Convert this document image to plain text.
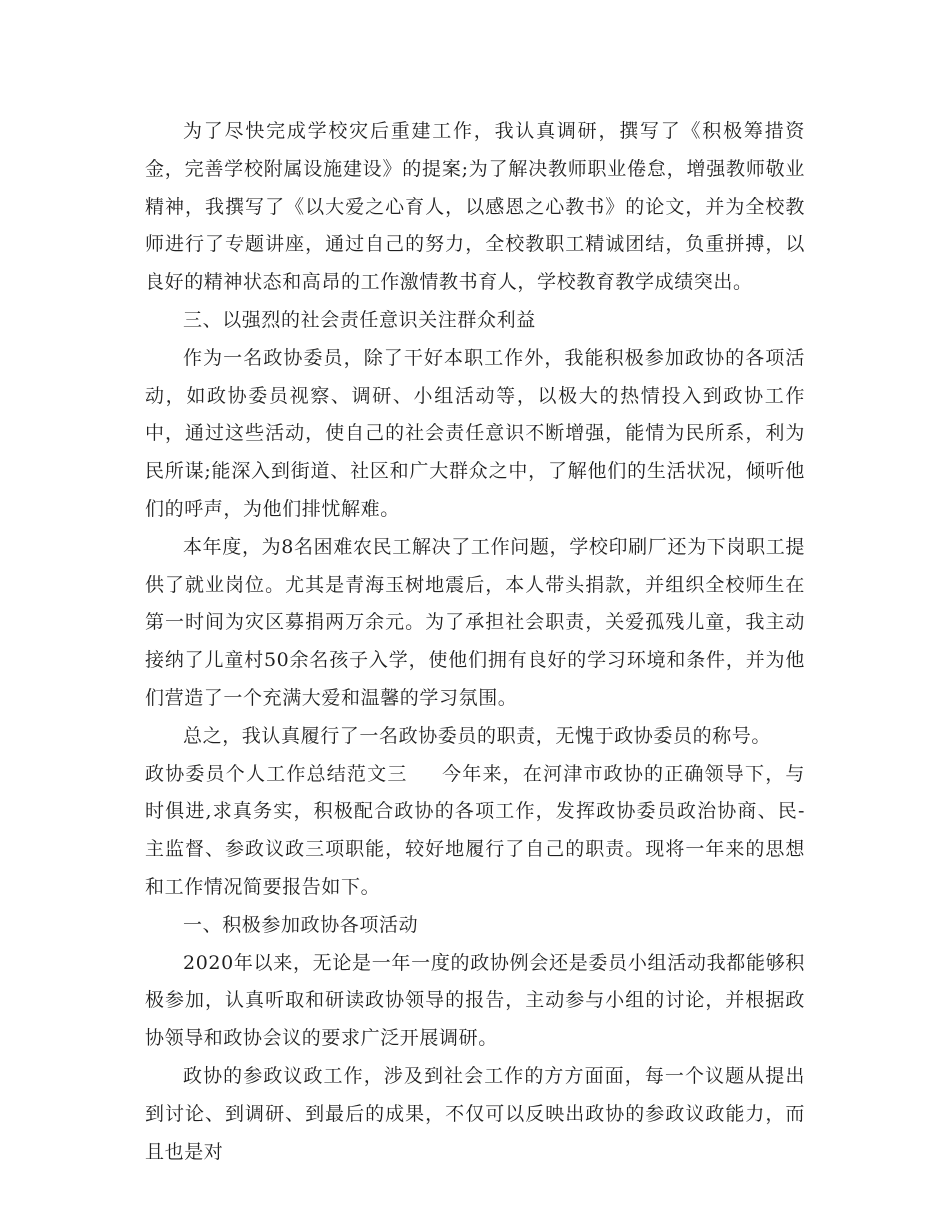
为了尽快完成学校灾后重建工作，我认真调研，撰写了《积极筹措资金，完善学校附属设施建设》的提案;为了解决教师职业倦怠，增强教师敬业精神，我撰写了《以大爱之心育人，以感恩之心教书》的论文，并为全校教师进行了专题讲座，通过自己的努力，全校教职工精诚团结，负重拼搏，以良好的精神状态和高昂的工作激情教书育人，学校教育教学成绩突出。

三、以强烈的社会责任意识关注群众利益

作为一名政协委员，除了干好本职工作外，我能积极参加政协的各项活动，如政协委员视察、调研、小组活动等，以极大的热情投入到政协工作中，通过这些活动，使自己的社会责任意识不断增强，能情为民所系，利为民所谋;能深入到街道、社区和广大群众之中，了解他们的生活状况，倾听他们的呼声，为他们排忧解难。

本年度，为8名困难农民工解决了工作问题，学校印刷厂还为下岗职工提供了就业岗位。尤其是青海玉树地震后，本人带头捐款，并组织全校师生在第一时间为灾区募捐两万余元。为了承担社会职责，关爱孤残儿童，我主动接纳了儿童村50余名孩子入学，使他们拥有良好的学习环境和条件，并为他们营造了一个充满大爱和温馨的学习氛围。

总之，我认真履行了一名政协委员的职责，无愧于政协委员的称号。

政协委员个人工作总结范文三 今年来，在河津市政协的正确领导下，与时俱进,求真务实，积极配合政协的各项工作，发挥政协委员政治协商、民-主监督、参政议政三项职能，较好地履行了自己的职责。现将一年来的思想和工作情况简要报告如下。

一、积极参加政协各项活动

2020年以来，无论是一年一度的政协例会还是委员小组活动我都能够积极参加，认真听取和研读政协领导的报告，主动参与小组的讨论，并根据政协领导和政协会议的要求广泛开展调研。

政协的参政议政工作，涉及到社会工作的方方面面，每一个议题从提出到讨论、到调研、到最后的成果，不仅可以反映出政协的参政议政能力，而且也是对
